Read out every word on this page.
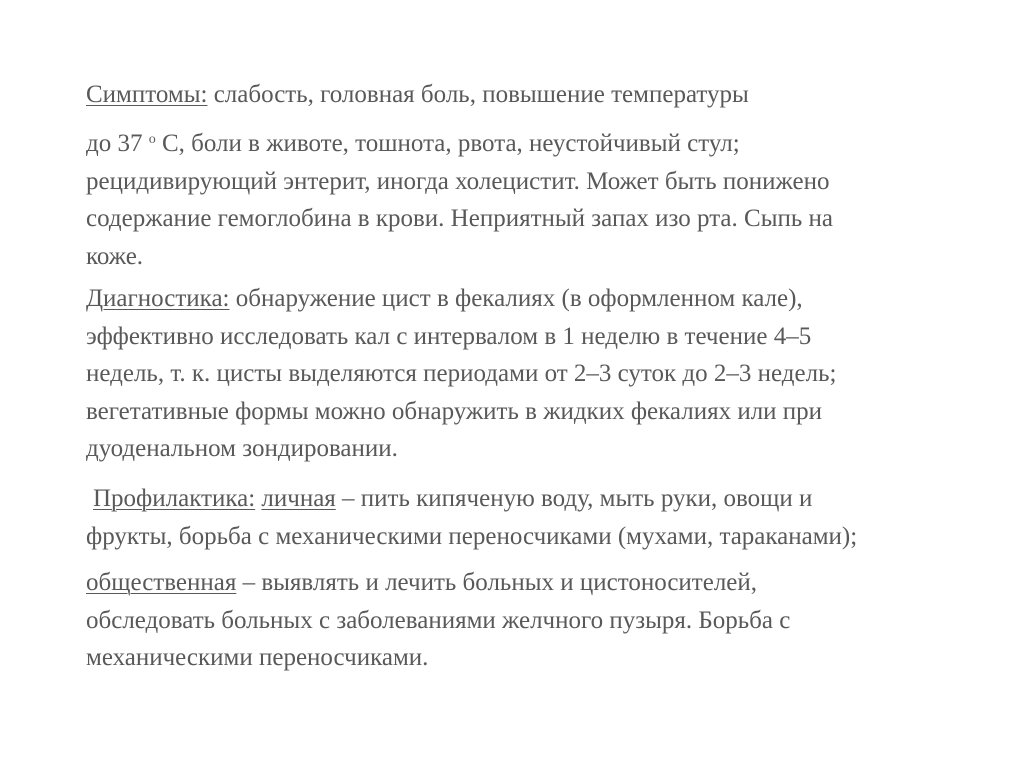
Симптомы: слабость, головная боль, повышение температуры

до 37 $^о$ С, боли в животе, тошнота, рвота, неустойчивый стул;
рецидивирующий энтерит, иногда холецистит. Может быть понижено
содержание гемоглобина в крови. Неприятный запах изо рта. Сыпь на
коже.

Диагностика: обнаружение цист в фекалиях (в оформленном кале),
эффективно исследовать кал с интервалом в 1 неделю в течение 4–5
недель, т. к. цисты выделяются периодами от 2–3 суток до 2–3 недель;
вегетативные формы можно обнаружить в жидких фекалиях или при
дуоденальном зондировании.

Профилактика: личная – пить кипяченую воду, мыть руки, овощи и
фрукты, борьба с механическими переносчиками (мухами, тараканами);

общественная – выявлять и лечить больных и цистоносителей,
обследовать больных с заболеваниями желчного пузыря. Борьба с
механическими переносчиками.
